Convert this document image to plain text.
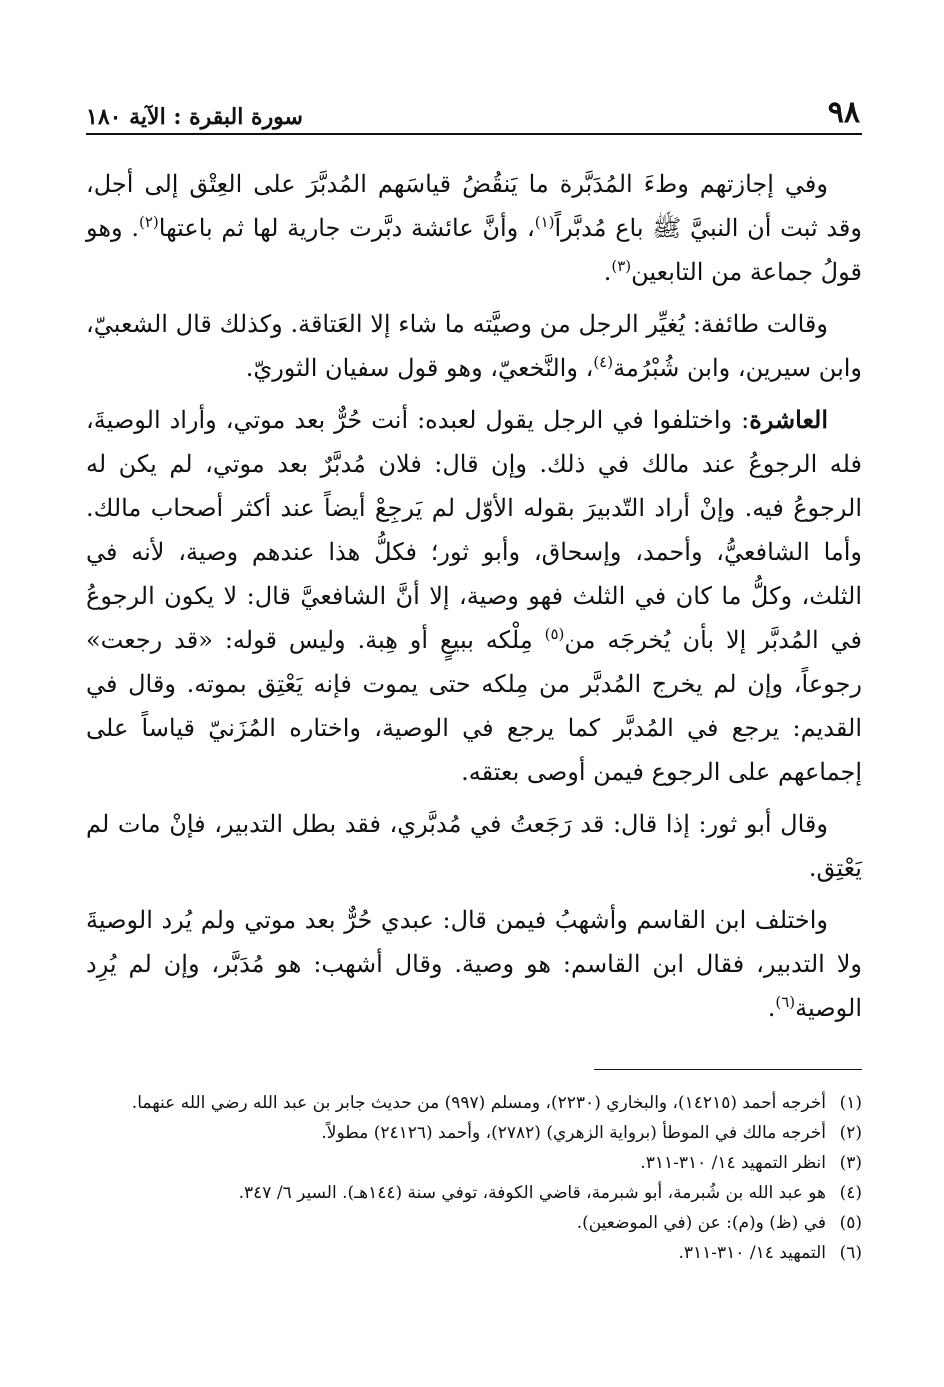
٩٨
سورة البقرة : الآية ١٨٠

وفي إجازتهم وطءَ المُدَبَّرة ما يَنقُضُ قياسَهم المُدبَّرَ على العِتْق إلى أجل، وقد ثبت أن النبيَّ ﷺ باع مُدبَّراً$^{(١)}$، وأنَّ عائشة دبَّرت جارية لها ثم باعتها$^{(٢)}$. وهو قولُ جماعة من التابعين$^{(٣)}$.

وقالت طائفة: يُغيِّر الرجل من وصيَّته ما شاء إلا العَتاقة. وكذلك قال الشعبيّ، وابن سيرين، وابن شُبْرُمة$^{(٤)}$، والنَّخعيّ، وهو قول سفيان الثوريّ.

العاشرة: واختلفوا في الرجل يقول لعبده: أنت حُرٌّ بعد موتي، وأراد الوصيةَ، فله الرجوعُ عند مالك في ذلك. وإن قال: فلان مُدبَّرٌ بعد موتي، لم يكن له الرجوعُ فيه. وإنْ أراد التّدبيرَ بقوله الأوّل لم يَرجِعْ أيضاً عند أكثر أصحاب مالك. وأما الشافعيُّ، وأحمد، وإسحاق، وأبو ثور؛ فكلُّ هذا عندهم وصية، لأنه في الثلث، وكلُّ ما كان في الثلث فهو وصية، إلا أنَّ الشافعيَّ قال: لا يكون الرجوعُ في المُدبَّر إلا بأن يُخرجَه من$^{(٥)}$ مِلْكه ببيعٍ أو هِبة. وليس قوله: «قد رجعت» رجوعاً، وإن لم يخرج المُدبَّر من مِلكه حتى يموت فإنه يَعْتِق بموته. وقال في القديم: يرجع في المُدبَّر كما يرجع في الوصية، واختاره المُزَنيّ قياساً على إجماعهم على الرجوع فيمن أوصى بعتقه.

وقال أبو ثور: إذا قال: قد رَجَعتُ في مُدبَّري، فقد بطل التدبير، فإنْ مات لم يَعْتِق.

واختلف ابن القاسم وأشهبُ فيمن قال: عبدي حُرٌّ بعد موتي ولم يُرد الوصيةَ ولا التدبير، فقال ابن القاسم: هو وصية. وقال أشهب: هو مُدَبَّر، وإن لم يُرِد الوصية$^{(٦)}$.

(١)
أخرجه أحمد (١٤٢١٥)، والبخاري (٢٢٣٠)، ومسلم (٩٩٧) من حديث جابر بن عبد الله رضي الله عنهما.
(٢)
أخرجه مالك في الموطأ (برواية الزهري) (٢٧٨٢)، وأحمد (٢٤١٢٦) مطولاً.
(٣)
انظر التمهيد ١٤/ ٣١٠-٣١١.
(٤)
هو عبد الله بن شُبرمة، أبو شبرمة، قاضي الكوفة، توفي سنة (١٤٤هـ). السير ٦/ ٣٤٧.
(٥)
في (ظ) و(م): عن (في الموضعين).
(٦)
التمهيد ١٤/ ٣١٠-٣١١.
